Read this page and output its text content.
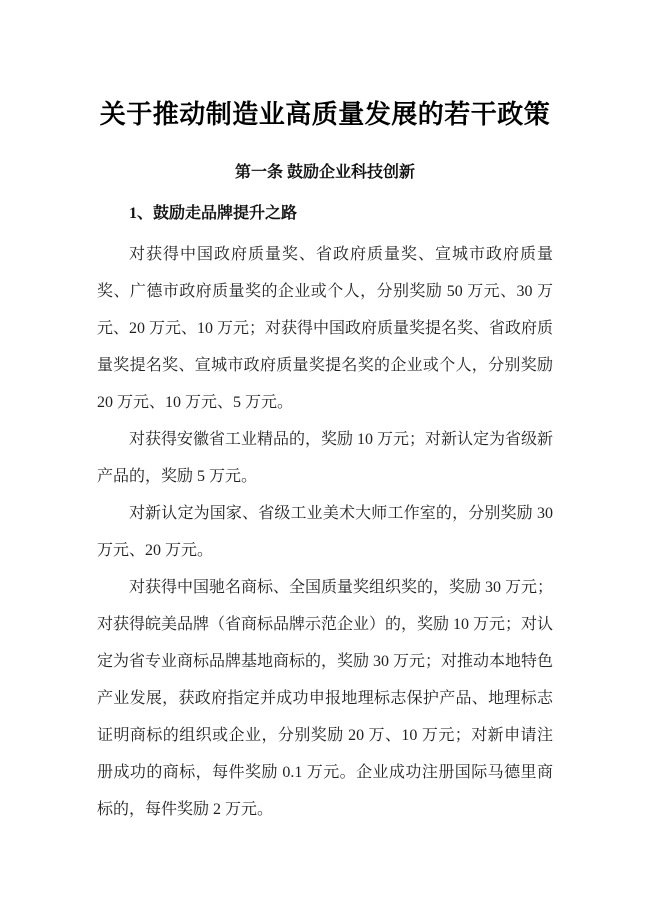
关于推动制造业高质量发展的若干政策
第一条 鼓励企业科技创新
1、鼓励走品牌提升之路

对获得中国政府质量奖、省政府质量奖、宣城市政府质量奖、广德市政府质量奖的企业或个人，分别奖励 50 万元、30 万元、20 万元、10 万元；对获得中国政府质量奖提名奖、省政府质量奖提名奖、宣城市政府质量奖提名奖的企业或个人，分别奖励 20 万元、10 万元、5 万元。

对获得安徽省工业精品的，奖励 10 万元；对新认定为省级新产品的，奖励 5 万元。

对新认定为国家、省级工业美术大师工作室的，分别奖励 30 万元、20 万元。

对获得中国驰名商标、全国质量奖组织奖的，奖励 30 万元；对获得皖美品牌（省商标品牌示范企业）的，奖励 10 万元；对认定为省专业商标品牌基地商标的，奖励 30 万元；对推动本地特色产业发展，获政府指定并成功申报地理标志保护产品、地理标志证明商标的组织或企业，分别奖励 20 万、10 万元；对新申请注册成功的商标，每件奖励 0.1 万元。企业成功注册国际马德里商标的，每件奖励 2 万元。
